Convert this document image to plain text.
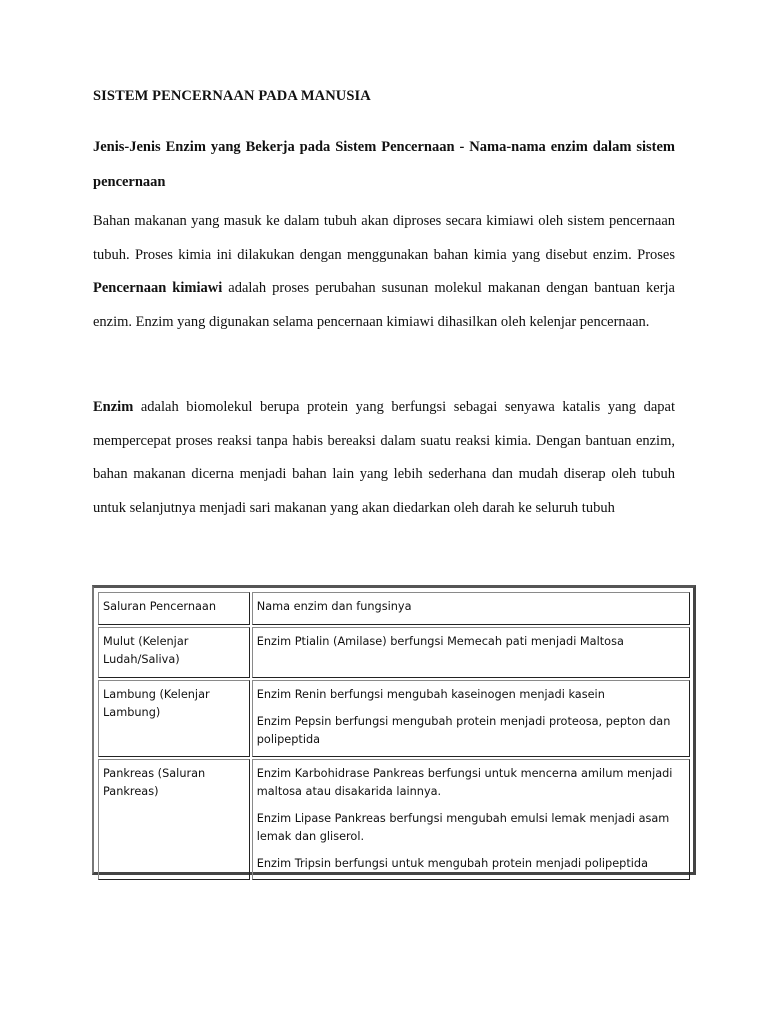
SISTEM PENCERNAAN PADA MANUSIA
Jenis-Jenis Enzim yang Bekerja pada Sistem Pencernaan - Nama-nama enzim dalam sistem pencernaan

Bahan makanan yang masuk ke dalam tubuh akan diproses secara kimiawi oleh sistem pencernaan tubuh. Proses kimia ini dilakukan dengan menggunakan bahan kimia yang disebut enzim. Proses Pencernaan kimiawi adalah proses perubahan susunan molekul makanan dengan bantuan kerja enzim. Enzim yang digunakan selama pencernaan kimiawi dihasilkan oleh kelenjar pencernaan.

Enzim adalah biomolekul berupa protein yang berfungsi sebagai senyawa katalis yang dapat mempercepat proses reaksi tanpa habis bereaksi dalam suatu reaksi kimia. Dengan bantuan enzim, bahan makanan dicerna menjadi bahan lain yang lebih sederhana dan mudah diserap oleh tubuh untuk selanjutnya menjadi sari makanan yang akan diedarkan oleh darah ke seluruh tubuh

Saluran Pencernaan	Nama enzim dan fungsinya
Mulut (Kelenjar Ludah/Saliva)	Enzim Ptialin (Amilase) berfungsi Memecah pati menjadi Maltosa

Lambung (Kelenjar Lambung)	Enzim Renin berfungsi mengubah kaseinogen menjadi kasein

Enzim Pepsin berfungsi mengubah protein menjadi proteosa, pepton dan polipeptida

Pankreas (Saluran Pankreas)	Enzim Karbohidrase Pankreas berfungsi untuk mencerna amilum menjadi maltosa atau disakarida lainnya.

Enzim Lipase Pankreas berfungsi mengubah emulsi lemak menjadi asam lemak dan gliserol.

Enzim Tripsin berfungsi untuk mengubah protein menjadi polipeptida
